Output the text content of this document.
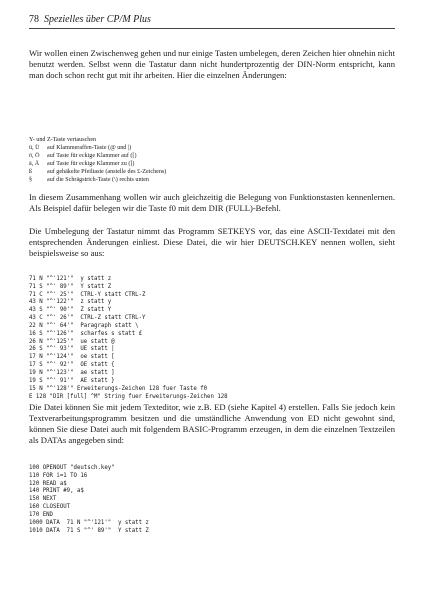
78 Spezielles über CP/M Plus

Wir wollen einen Zwischenweg gehen und nur einige Tasten umbelegen, deren Zeichen hier ohnehin nicht benutzt werden. Selbst wenn die Tastatur dann nicht hundertprozentig der DIN-Norm entspricht, kann man doch schon recht gut mit ihr arbeiten. Hier die einzelnen Änderungen:

Y- und Z-Taste vertauschen
ü, Ü	auf Klammeraffen-Taste (@ und |)
ö, Ö	auf Taste für eckige Klammer auf ([)
ä, Ä	auf Taste für eckige Klammer zu (])
ß	auf gehäkelte Pfeiltaste (anstelle des £-Zeichens)
§	auf die Schrägstrich-Taste (\) rechts unten

In diesem Zusammenhang wollen wir auch gleichzeitig die Belegung von Funktionstasten kennenlernen. Als Beispiel dafür belegen wir die Taste f0 mit dem DIR (FULL)-Befehl.

Die Umbelegung der Tastatur nimmt das Programm SETKEYS vor, das eine ASCII-Textdatei mit den entsprechenden Änderungen einliest. Diese Datei, die wir hier DEUTSCH.KEY nennen wollen, sieht beispielsweise so aus:

71 N "^'121'"  y statt z
71 S "^' 89'"  Y statt Z
71 C "^' 25'"  CTRL-Y statt CTRL-Z
43 N "^'122'"  z statt y
43 S "^' 90'"  Z statt Y
43 C "^' 26'"  CTRL-Z statt CTRL-Y
22 N "^' 64'"  Paragraph statt \
16 S "^'126'"  scharfes s statt £
26 N "^'125'"  ue statt @
26 S "^' 93'"  UE statt |
17 N "^'124'"  oe statt [
17 S "^' 92'"  OE statt {
19 N "^'123'"  ae statt ]
19 S "^' 91'"  AE statt }
15 N "^'128'" Erweiterungs-Zeichen 128 fuer Taste f0
E 128 "DIR [full] ^M" String fuer Erweiterungs-Zeichen 128

Die Datei können Sie mit jedem Texteditor, wie z.B. ED (siehe Kapitel 4) erstellen. Falls Sie jedoch kein Textverarbeitungsprogramm besitzen und die umständliche Anwendung von ED nicht gewohnt sind, können Sie diese Datei auch mit folgendem BASIC-Programm erzeugen, in dem die einzelnen Textzeilen als DATAs angegeben sind:

100 OPENOUT "deutsch.key"
110 FOR i=1 TO 16
120 READ a$
140 PRINT #9, a$
150 NEXT
160 CLOSEOUT
170 END
1000 DATA  71 N "^'121'"  y statt z
1010 DATA  71 S "^' 89'"  Y statt Z
